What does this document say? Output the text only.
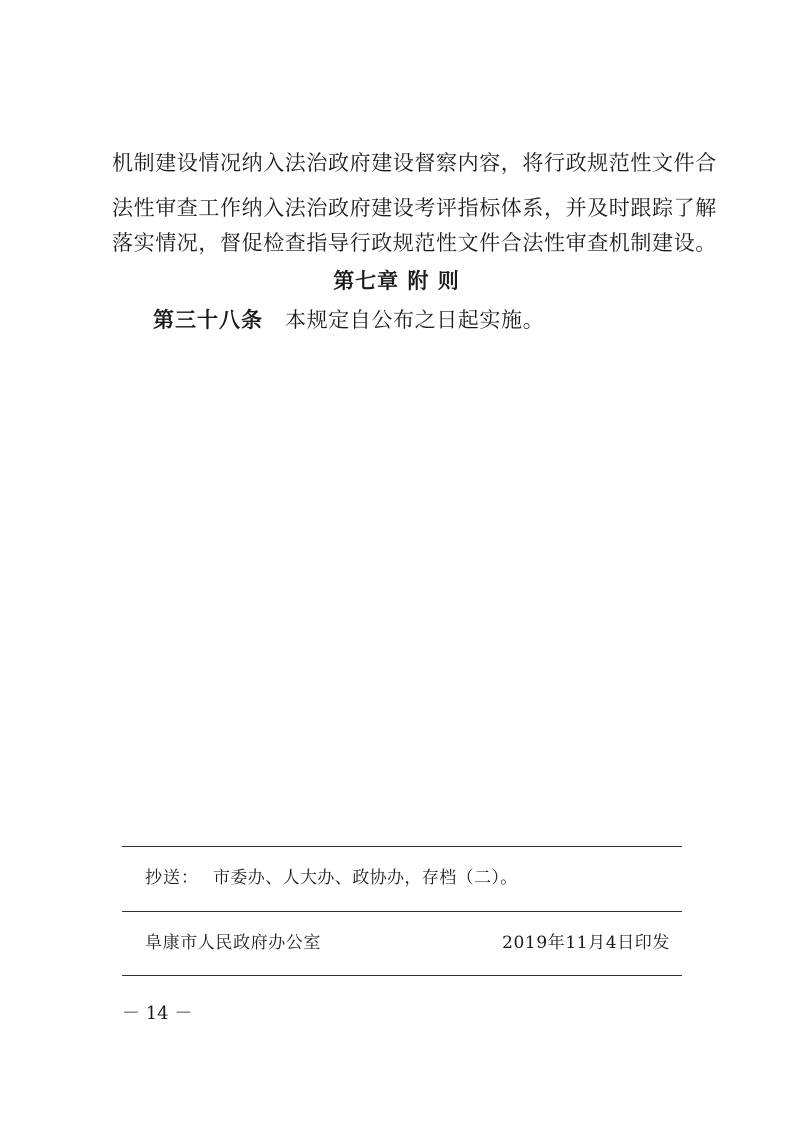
机制建设情况纳入法治政府建设督察内容，将行政规范性文件合
法性审查工作纳入法治政府建设考评指标体系，并及时跟踪了解
落实情况，督促检查指导行政规范性文件合法性审查机制建设。
第七章 附 则
第三十八条 本规定自公布之日起实施。
抄送： 市委办、人大办、政协办，存档（二）。
阜康市人民政府办公室	2019年11月4日印发
－ 14 －
